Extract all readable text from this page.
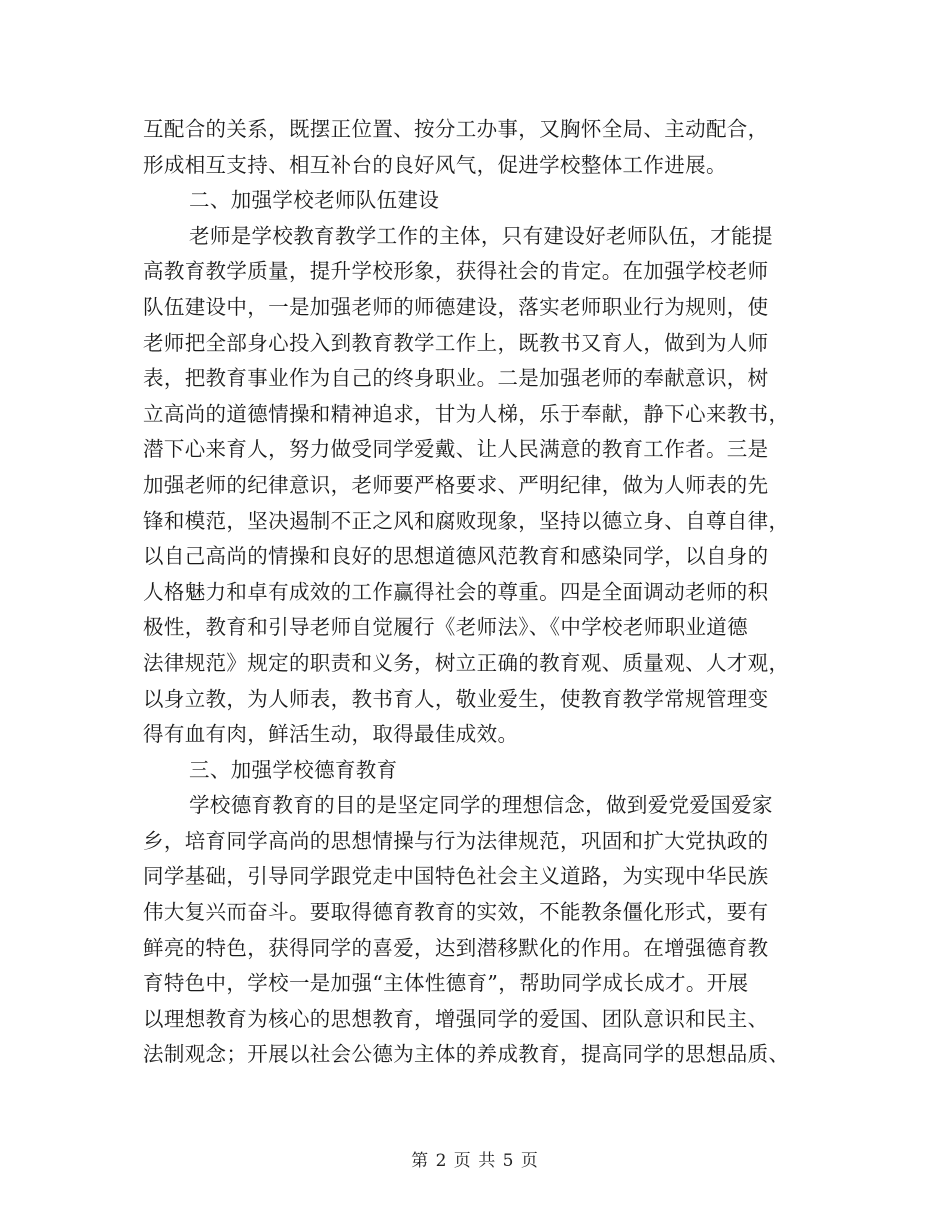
互配合的关系，既摆正位置、按分工办事，又胸怀全局、主动配合，
形成相互支持、相互补台的良好风气，促进学校整体工作进展。
二、加强学校老师队伍建设
老师是学校教育教学工作的主体，只有建设好老师队伍，才能提
高教育教学质量，提升学校形象，获得社会的肯定。在加强学校老师
队伍建设中，一是加强老师的师德建设，落实老师职业行为规则，使
老师把全部身心投入到教育教学工作上，既教书又育人，做到为人师
表，把教育事业作为自己的终身职业。二是加强老师的奉献意识，树
立高尚的道德情操和精神追求，甘为人梯，乐于奉献，静下心来教书，
潜下心来育人，努力做受同学爱戴、让人民满意的教育工作者。三是
加强老师的纪律意识，老师要严格要求、严明纪律，做为人师表的先
锋和模范，坚决遏制不正之风和腐败现象，坚持以德立身、自尊自律，
以自己高尚的情操和良好的思想道德风范教育和感染同学，以自身的
人格魅力和卓有成效的工作赢得社会的尊重。四是全面调动老师的积
极性，教育和引导老师自觉履行《老师法》、《中学校老师职业道德
法律规范》规定的职责和义务，树立正确的教育观、质量观、人才观，
以身立教，为人师表，教书育人，敬业爱生，使教育教学常规管理变
得有血有肉，鲜活生动，取得最佳成效。
三、加强学校德育教育
学校德育教育的目的是坚定同学的理想信念，做到爱党爱国爱家
乡，培育同学高尚的思想情操与行为法律规范，巩固和扩大党执政的
同学基础，引导同学跟党走中国特色社会主义道路，为实现中华民族
伟大复兴而奋斗。要取得德育教育的实效，不能教条僵化形式，要有
鲜亮的特色，获得同学的喜爱，达到潜移默化的作用。在增强德育教
育特色中，学校一是加强“主体性德育”，帮助同学成长成才。开展
以理想教育为核心的思想教育，增强同学的爱国、团队意识和民主、
法制观念；开展以社会公德为主体的养成教育，提高同学的思想品质、
第 2 页 共 5 页
